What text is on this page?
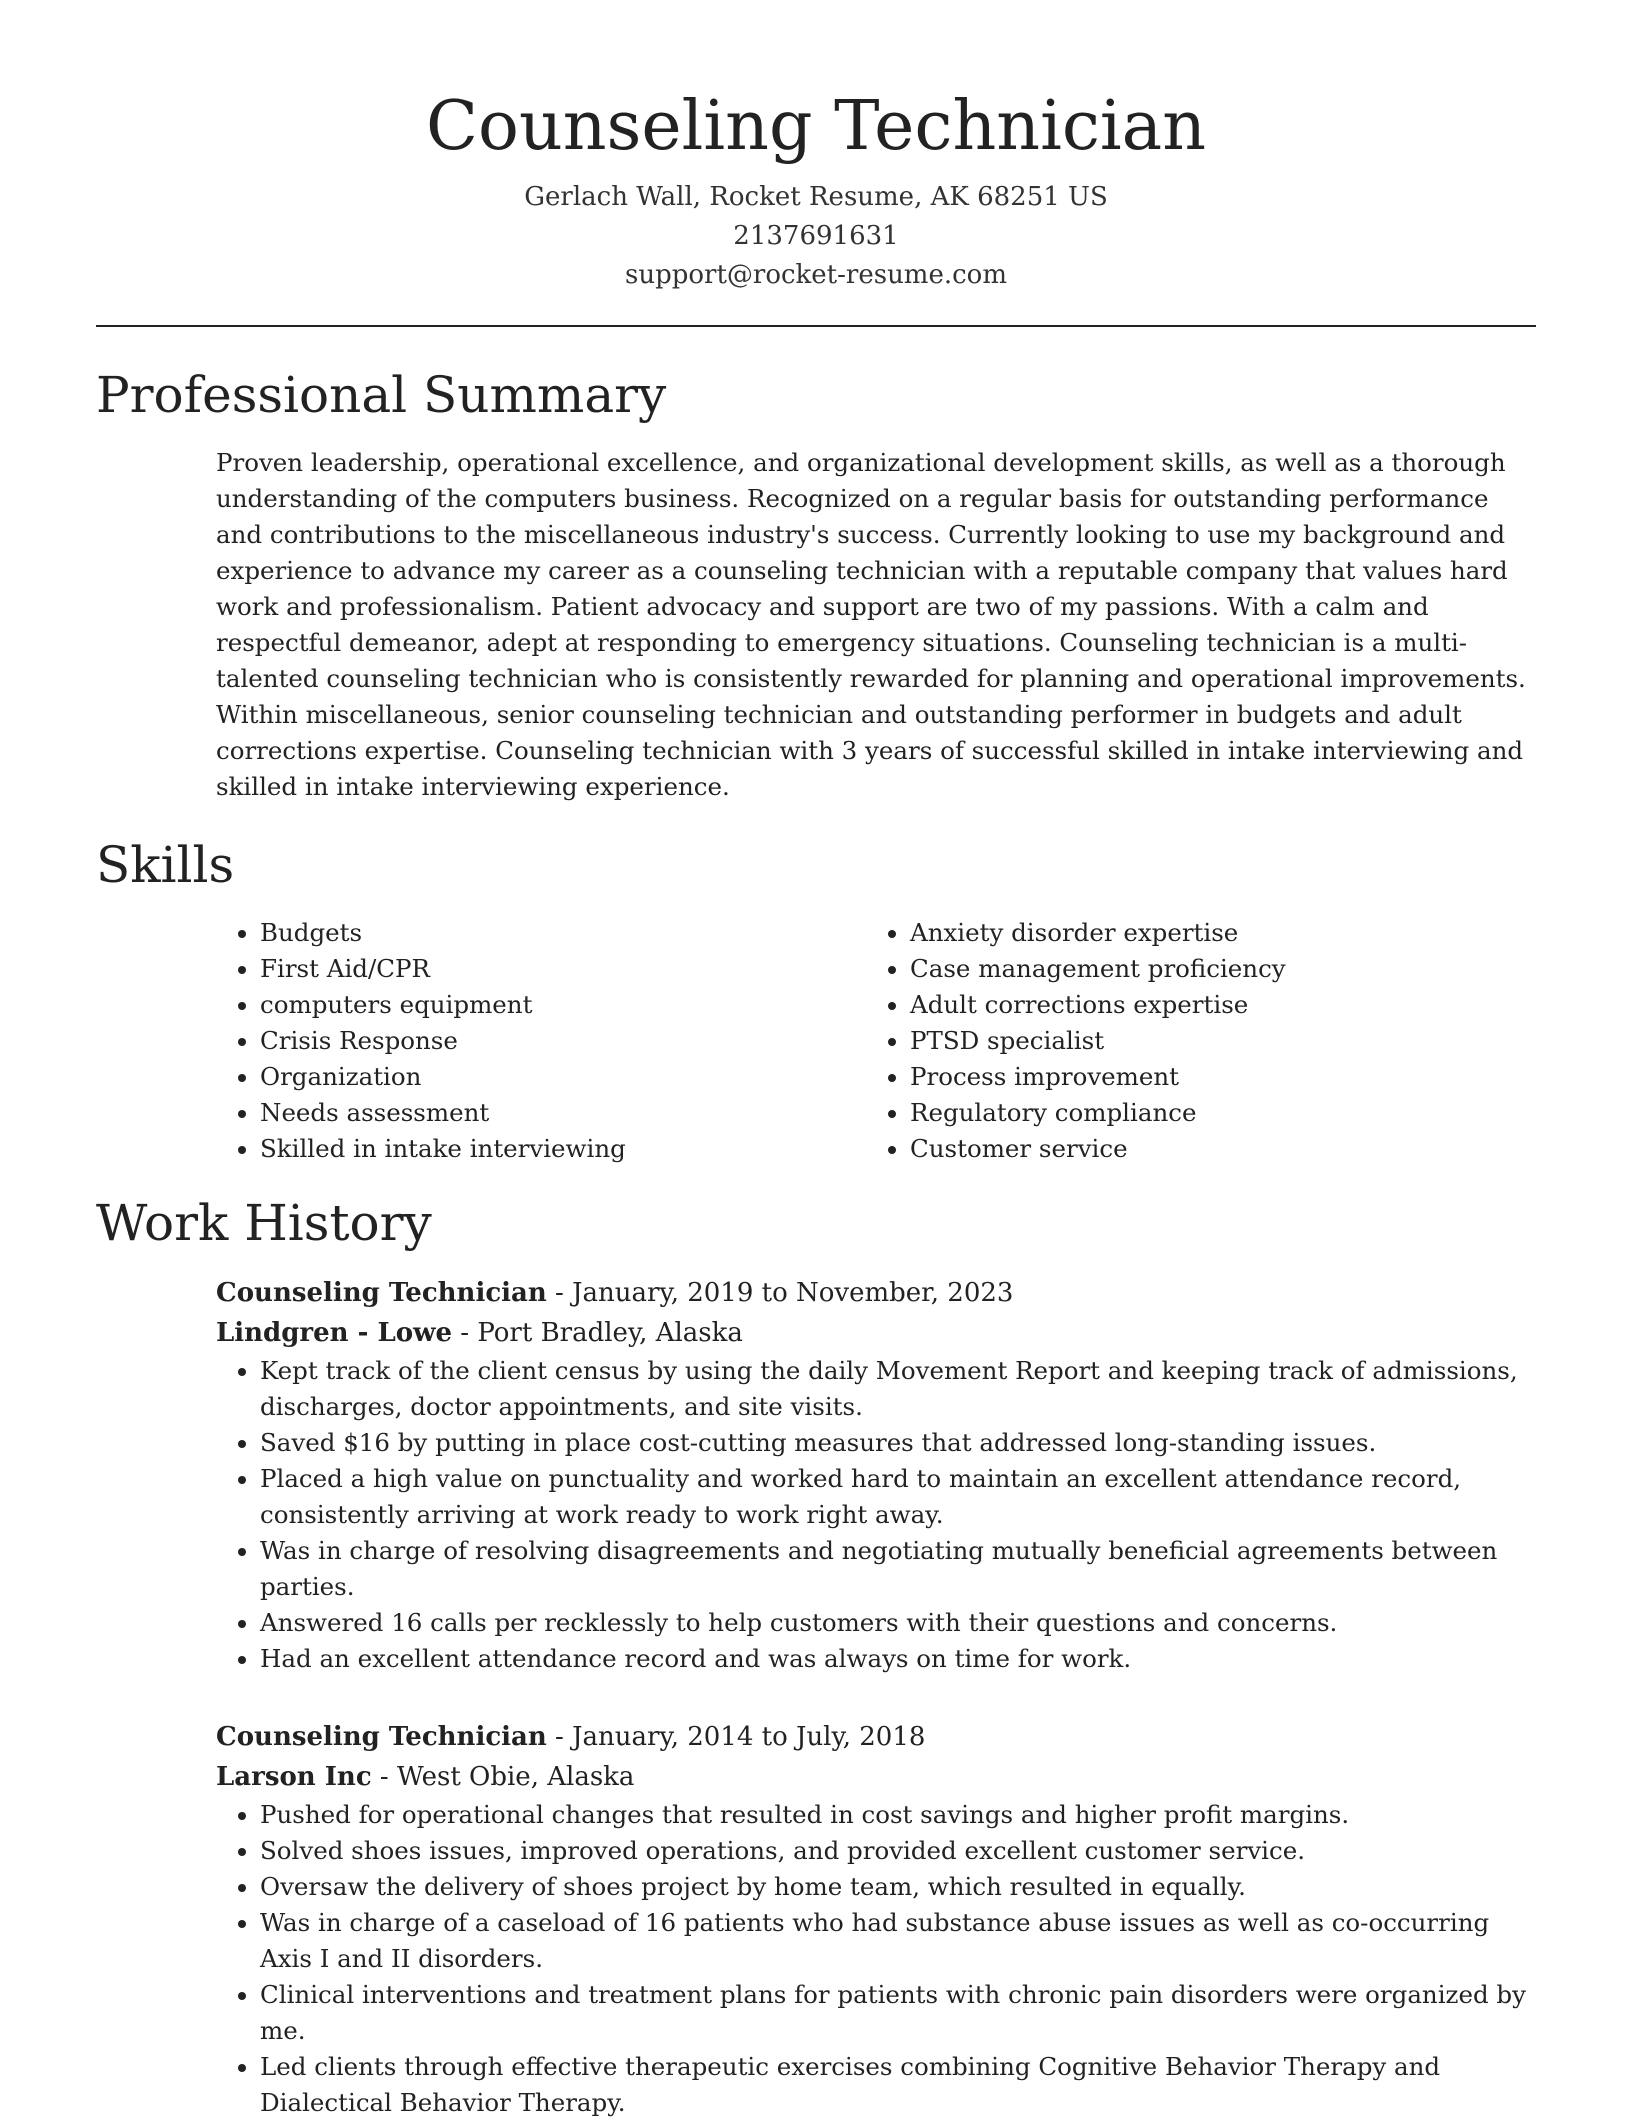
Counseling Technician
Gerlach Wall, Rocket Resume, AK 68251 US
2137691631
support@rocket-resume.com
Professional Summary
Proven leadership, operational excellence, and organizational development skills, as well as a thorough understanding of the computers business. Recognized on a regular basis for outstanding performance and contributions to the miscellaneous industry's success. Currently looking to use my background and experience to advance my career as a counseling technician with a reputable company that values hard work and professionalism. Patient advocacy and support are two of my passions. With a calm and respectful demeanor, adept at responding to emergency situations. Counseling technician is a multi-talented counseling technician who is consistently rewarded for planning and operational improvements. Within miscellaneous, senior counseling technician and outstanding performer in budgets and adult corrections expertise. Counseling technician with 3 years of successful skilled in intake interviewing and skilled in intake interviewing experience.
Skills
• Budgets
• First Aid/CPR
• computers equipment
• Crisis Response
• Organization
• Needs assessment
• Skilled in intake interviewing
• Anxiety disorder expertise
• Case management proficiency
• Adult corrections expertise
• PTSD specialist
• Process improvement
• Regulatory compliance
• Customer service
Work History
Counseling Technician - January, 2019 to November, 2023
Lindgren - Lowe - Port Bradley, Alaska
• Kept track of the client census by using the daily Movement Report and keeping track of admissions, discharges, doctor appointments, and site visits.
• Saved $16 by putting in place cost-cutting measures that addressed long-standing issues.
• Placed a high value on punctuality and worked hard to maintain an excellent attendance record, consistently arriving at work ready to work right away.
• Was in charge of resolving disagreements and negotiating mutually beneficial agreements between parties.
• Answered 16 calls per recklessly to help customers with their questions and concerns.
• Had an excellent attendance record and was always on time for work.
Counseling Technician - January, 2014 to July, 2018
Larson Inc - West Obie, Alaska
• Pushed for operational changes that resulted in cost savings and higher profit margins.
• Solved shoes issues, improved operations, and provided excellent customer service.
• Oversaw the delivery of shoes project by home team, which resulted in equally.
• Was in charge of a caseload of 16 patients who had substance abuse issues as well as co-occurring Axis I and II disorders.
• Clinical interventions and treatment plans for patients with chronic pain disorders were organized by me.
• Led clients through effective therapeutic exercises combining Cognitive Behavior Therapy and Dialectical Behavior Therapy.
